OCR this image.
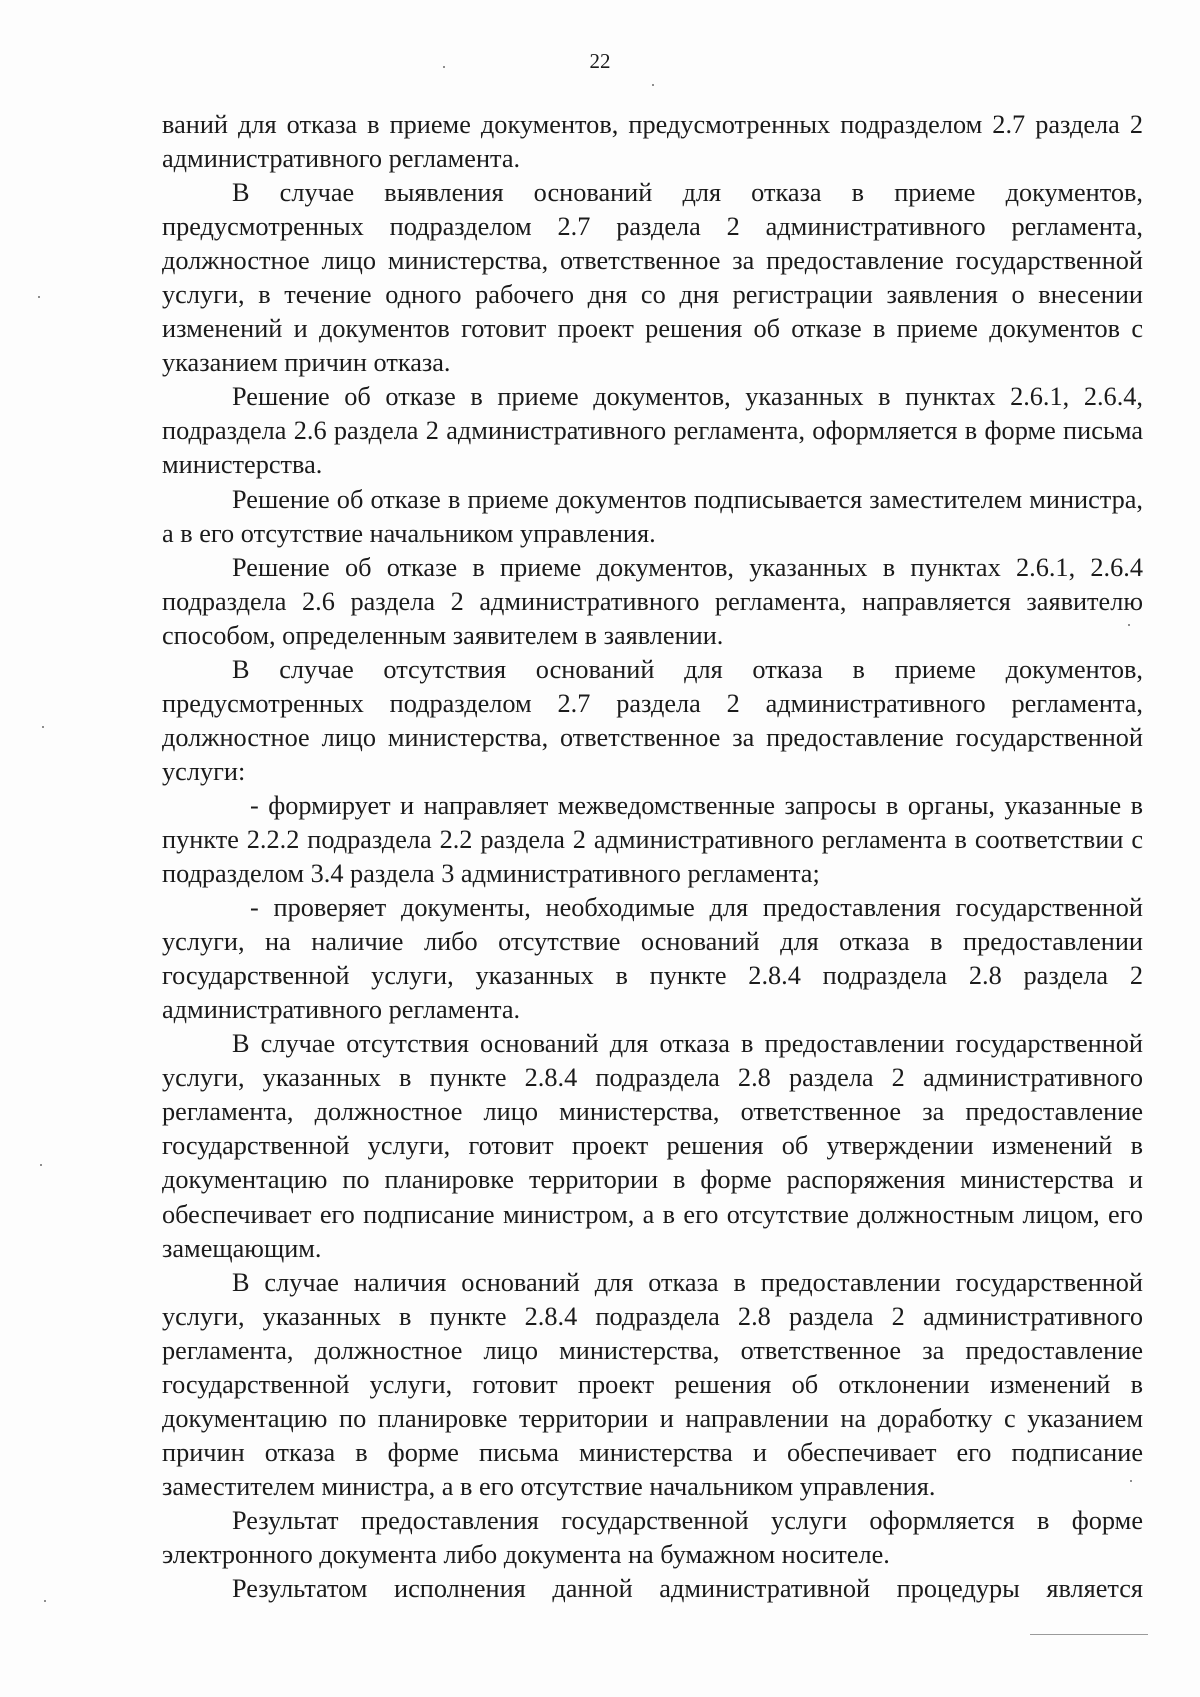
22

ваний для отказа в приеме документов, предусмотренных подразделом 2.7 раздела 2 административного регламента.

В случае выявления оснований для отказа в приеме документов, предусмотренных подразделом 2.7 раздела 2 административного регламента, должностное лицо министерства, ответственное за предоставление государственной услуги, в течение одного рабочего дня со дня регистрации заявления о внесении изменений и документов готовит проект решения об отказе в приеме документов с указанием причин отказа.

Решение об отказе в приеме документов, указанных в пунктах 2.6.1, 2.6.4, подраздела 2.6 раздела 2 административного регламента, оформляется в форме письма министерства.

Решение об отказе в приеме документов подписывается заместителем министра, а в его отсутствие начальником управления.

Решение об отказе в приеме документов, указанных в пунктах 2.6.1, 2.6.4 подраздела 2.6 раздела 2 административного регламента, направляется заявителю способом, определенным заявителем в заявлении.

В случае отсутствия оснований для отказа в приеме документов, предусмотренных подразделом 2.7 раздела 2 административного регламента, должностное лицо министерства, ответственное за предоставление государственной услуги:

- формирует и направляет межведомственные запросы в органы, указанные в пункте 2.2.2 подраздела 2.2 раздела 2 административного регламента в соответствии с подразделом 3.4 раздела 3 административного регламента;

- проверяет документы, необходимые для предоставления государственной услуги, на наличие либо отсутствие оснований для отказа в предоставлении государственной услуги, указанных в пункте 2.8.4 подраздела 2.8 раздела 2 административного регламента.

В случае отсутствия оснований для отказа в предоставлении государственной услуги, указанных в пункте 2.8.4 подраздела 2.8 раздела 2 административного регламента, должностное лицо министерства, ответственное за предоставление государственной услуги, готовит проект решения об утверждении изменений в документацию по планировке территории в форме распоряжения министерства и обеспечивает его подписание министром, а в его отсутствие должностным лицом, его замещающим.

В случае наличия оснований для отказа в предоставлении государственной услуги, указанных в пункте 2.8.4 подраздела 2.8 раздела 2 административного регламента, должностное лицо министерства, ответственное за предоставление государственной услуги, готовит проект решения об отклонении изменений в документацию по планировке территории и направлении на доработку с указанием причин отказа в форме письма министерства и обеспечивает его подписание заместителем министра, а в его отсутствие начальником управления.

Результат предоставления государственной услуги оформляется в форме электронного документа либо документа на бумажном носителе.

Результатом исполнения данной административной процедуры является
